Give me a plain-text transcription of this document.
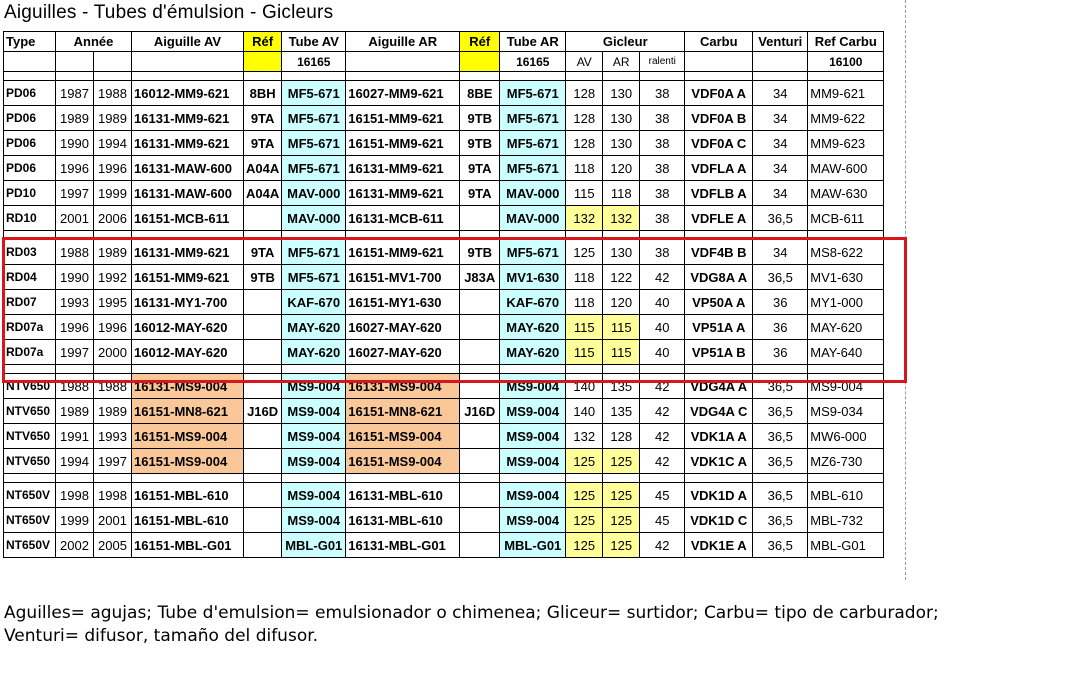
Aiguilles - Tubes d'émulsion - Gicleurs
Type	Année		Aiguille AV	Réf	Tube AV	Aiguille AR	Réf	Tube AR	Gicleur			Carbu	Venturi	Ref Carbu
					16165			16165	AV	AR	ralenti			16100

PD06	1987	1988	16012-MM9-621	8BH	MF5-671	16027-MM9-621	8BE	MF5-671	128	130	38	VDF0A A	34	MM9-621
PD06	1989	1989	16131-MM9-621	9TA	MF5-671	16151-MM9-621	9TB	MF5-671	128	130	38	VDF0A B	34	MM9-622
PD06	1990	1994	16131-MM9-621	9TA	MF5-671	16151-MM9-621	9TB	MF5-671	128	130	38	VDF0A C	34	MM9-623
PD06	1996	1996	16131-MAW-600	A04A	MF5-671	16131-MM9-621	9TA	MF5-671	118	120	38	VDFLA A	34	MAW-600
PD10	1997	1999	16131-MAW-600	A04A	MAV-000	16131-MM9-621	9TA	MAV-000	115	118	38	VDFLB A	34	MAW-630
RD10	2001	2006	16151-MCB-611		MAV-000	16131-MCB-611		MAV-000	132	132	38	VDFLE A	36,5	MCB-611

RD03	1988	1989	16131-MM9-621	9TA	MF5-671	16151-MM9-621	9TB	MF5-671	125	130	38	VDF4B B	34	MS8-622
RD04	1990	1992	16151-MM9-621	9TB	MF5-671	16151-MV1-700	J83A	MV1-630	118	122	42	VDG8A A	36,5	MV1-630
RD07	1993	1995	16131-MY1-700		KAF-670	16151-MY1-630		KAF-670	118	120	40	VP50A A	36	MY1-000
RD07a	1996	1996	16012-MAY-620		MAY-620	16027-MAY-620		MAY-620	115	115	40	VP51A A	36	MAY-620
RD07a	1997	2000	16012-MAY-620		MAY-620	16027-MAY-620		MAY-620	115	115	40	VP51A B	36	MAY-640

NTV650	1988	1988	16131-MS9-004		MS9-004	16131-MS9-004		MS9-004	140	135	42	VDG4A A	36,5	MS9-004
NTV650	1989	1989	16151-MN8-621	J16D	MS9-004	16151-MN8-621	J16D	MS9-004	140	135	42	VDG4A C	36,5	MS9-034
NTV650	1991	1993	16151-MS9-004		MS9-004	16151-MS9-004		MS9-004	132	128	42	VDK1A A	36,5	MW6-000
NTV650	1994	1997	16151-MS9-004		MS9-004	16151-MS9-004		MS9-004	125	125	42	VDK1C A	36,5	MZ6-730

NT650V	1998	1998	16151-MBL-610		MS9-004	16131-MBL-610		MS9-004	125	125	45	VDK1D A	36,5	MBL-610
NT650V	1999	2001	16151-MBL-610		MS9-004	16131-MBL-610		MS9-004	125	125	45	VDK1D C	36,5	MBL-732
NT650V	2002	2005	16151-MBL-G01		MBL-G01	16131-MBL-G01		MBL-G01	125	125	42	VDK1E A	36,5	MBL-G01
Aguilles= agujas; Tube d'emulsion= emulsionador o chimenea; Gliceur= surtidor; Carbu= tipo de carburador;
Venturi= difusor, tamaño del difusor.
